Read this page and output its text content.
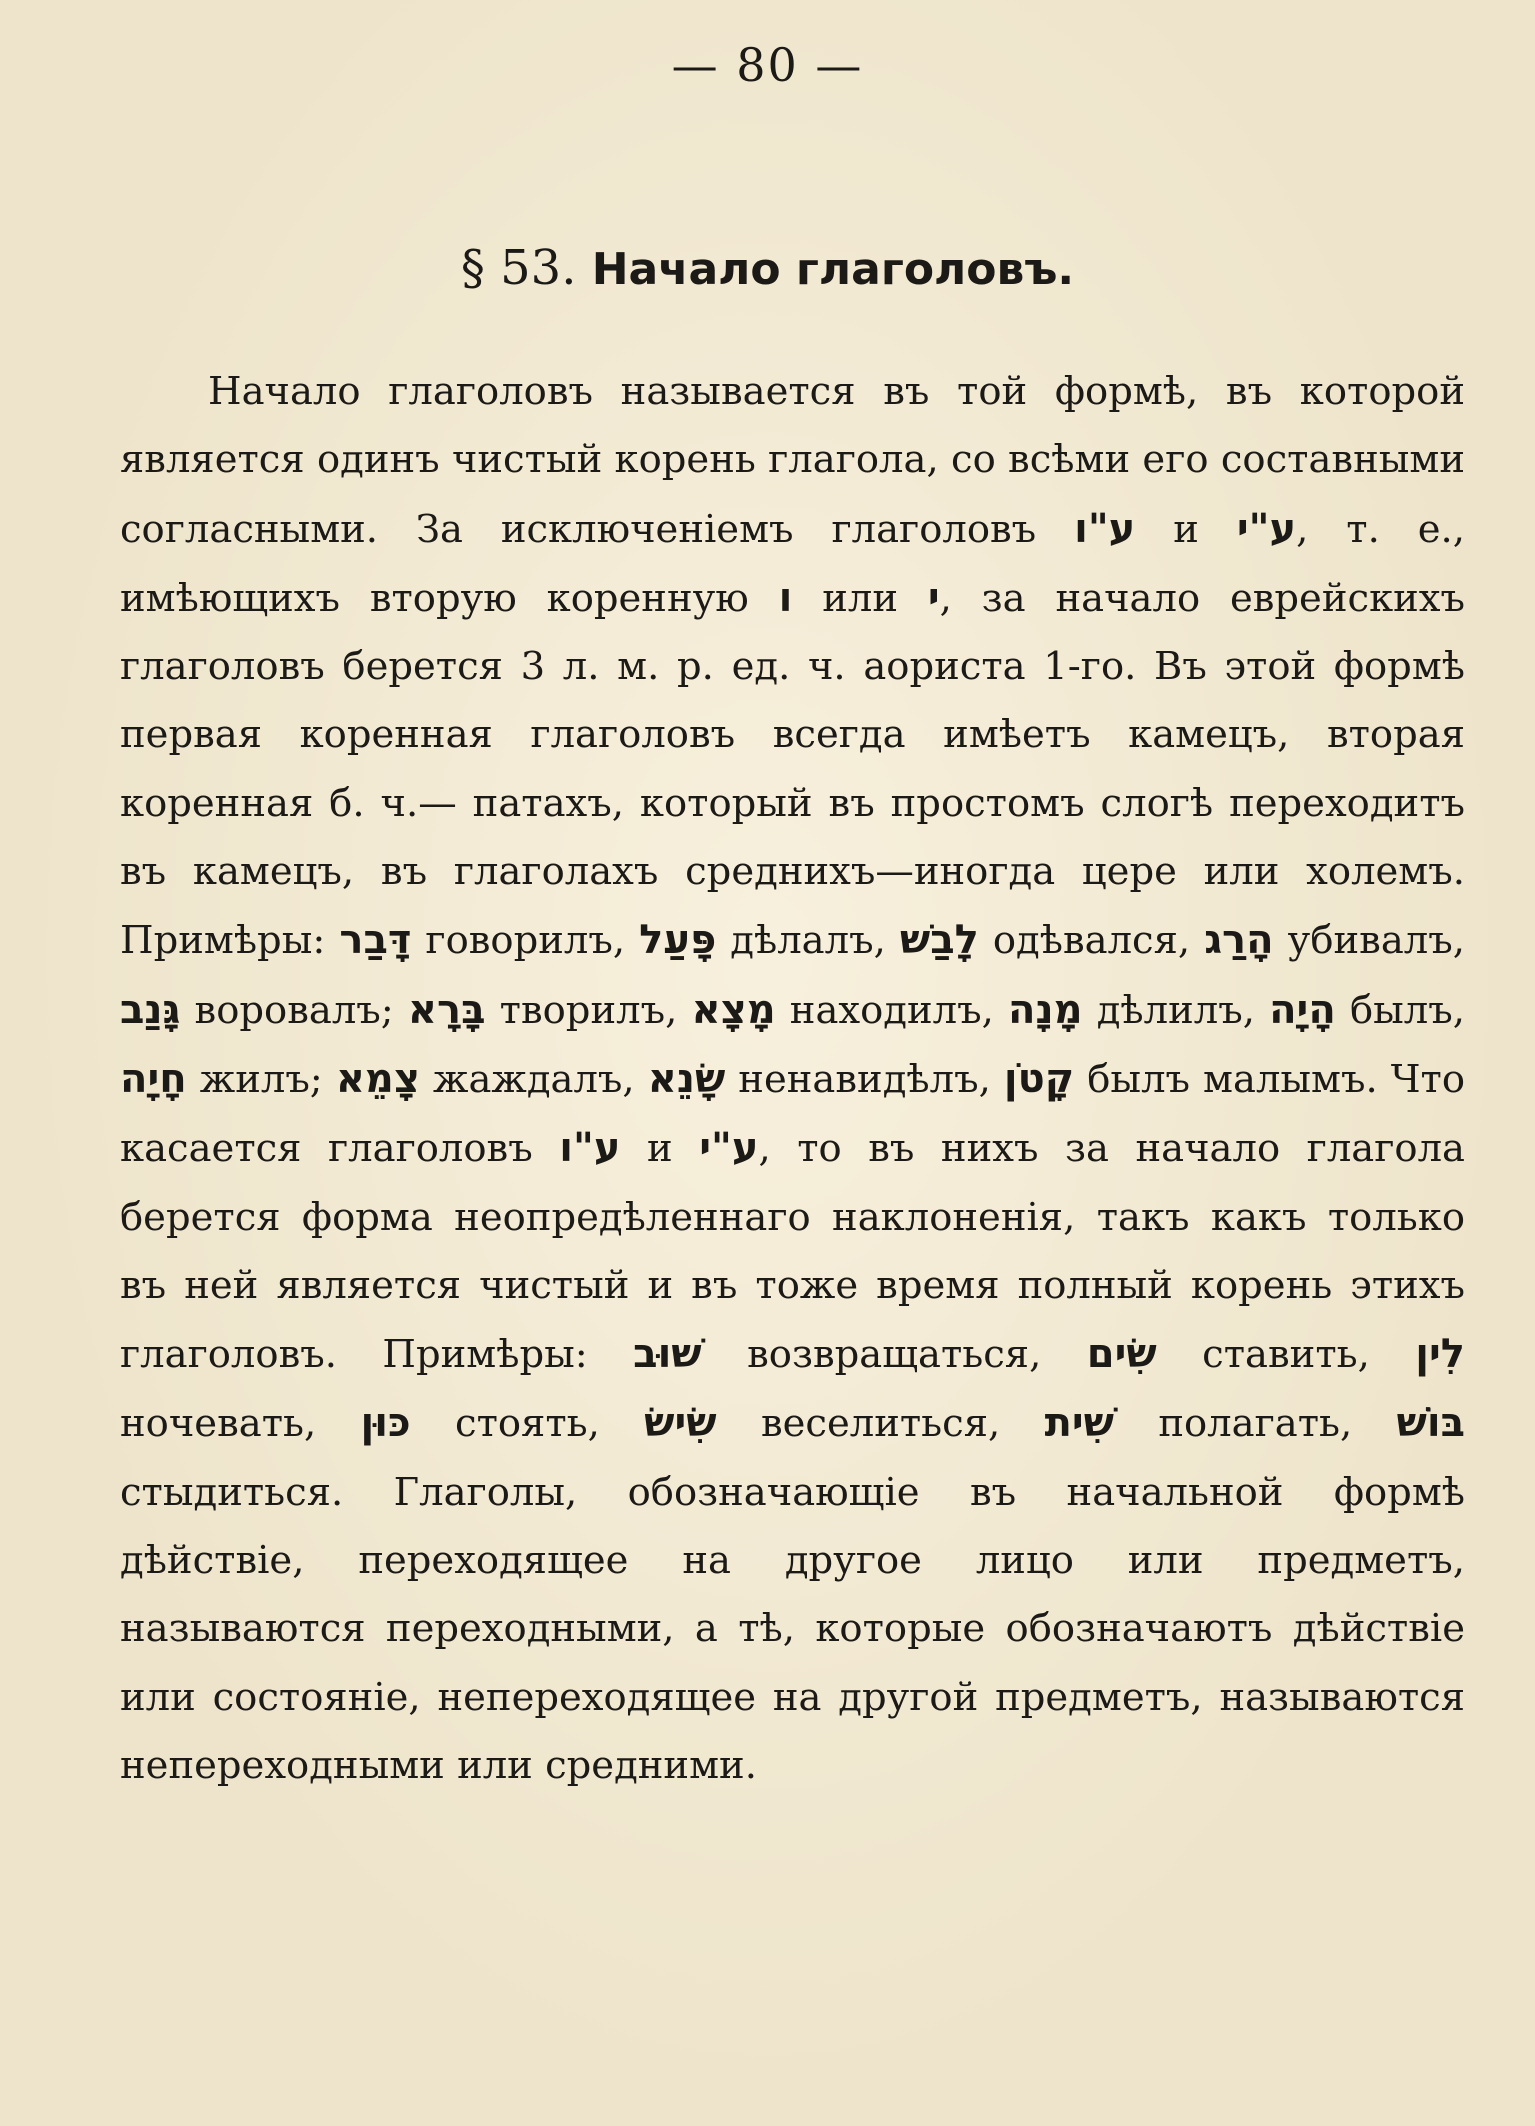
— 80 —
§ 53. Начало глаголовъ.

Начало глаголовъ называется въ той формѣ, въ которой является одинъ чистый корень глагола, со всѣми его составными согласными. За исключеніемъ глаголовъ ע"ו и ע"י, т. е., имѣющихъ вторую коренную ו или י, за начало еврейскихъ глаголовъ берется 3 л. м. р. ед. ч. аориста 1-го. Въ этой формѣ первая коренная глаголовъ всегда имѣетъ камецъ, вторая коренная б. ч.— патахъ, который въ простомъ слогѣ переходитъ въ камецъ, въ глаголахъ среднихъ—иногда цере или холемъ. Примѣры: דָּבַר говорилъ, פָּעַל дѣлалъ, לָבַשׁ одѣвался, הָרַג убивалъ, גָּנַב воровалъ; בָּרָא творилъ, מָצָא находилъ, מָנָה дѣлилъ, הָיָה былъ, חָיָה жилъ; צָמֵא жаждалъ, שָׂנֵא ненавидѣлъ, קָטֹן былъ малымъ. Что касается глаголовъ ע"ו и ע"י, то въ нихъ за начало глагола берется форма неопредѣленнаго наклоненія, такъ какъ только въ ней является чистый и въ тоже время полный корень этихъ глаголовъ. Примѣры: שׁוּב возвращаться, שִׂים ставить, לִין ночевать, כּוּן стоять, שִׂישׂ веселиться, שִׁית полагать, בּוֹשׁ стыдиться. Глаголы, обозначающіе въ начальной формѣ дѣйствіе, переходящее на другое лицо или предметъ, называются переходными, а тѣ, которые обозначаютъ дѣйствіе или состояніе, непереходящее на другой предметъ, называются непереходными или средними.
